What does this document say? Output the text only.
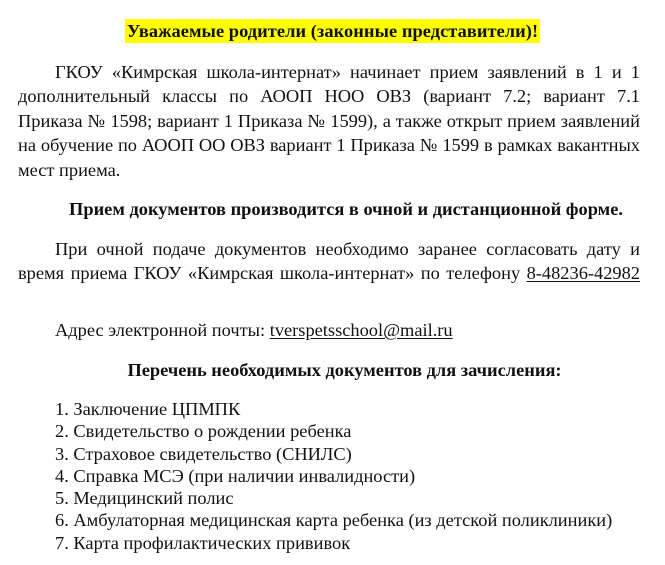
Уважаемые родители (законные представители)!

ГКОУ «Кимрская школа-интернат» начинает прием заявлений в 1 и 1 дополнительный классы по АООП НОО ОВЗ (вариант 7.2; вариант 7.1 Приказа № 1598; вариант 1 Приказа № 1599), а также открыт прием заявлений на обучение по АООП ОО ОВЗ вариант 1 Приказа № 1599 в рамках вакантных мест приема.

Прием документов производится в очной и дистанционной форме.
При очной подаче документов необходимо заранее согласовать дату и
время приема ГКОУ «Кимрская школа-интернат» по телефону 8-48236-42982
Адрес электронной почты: tverspetsschool@mail.ru
Перечень необходимых документов для зачисления:
1. Заключение ЦПМПК
2. Свидетельство о рождении ребенка
3. Страховое свидетельство (СНИЛС)
4. Справка МСЭ (при наличии инвалидности)
5. Медицинский полис
6. Амбулаторная медицинская карта ребенка (из детской поликлиники)
7. Карта профилактических прививок
